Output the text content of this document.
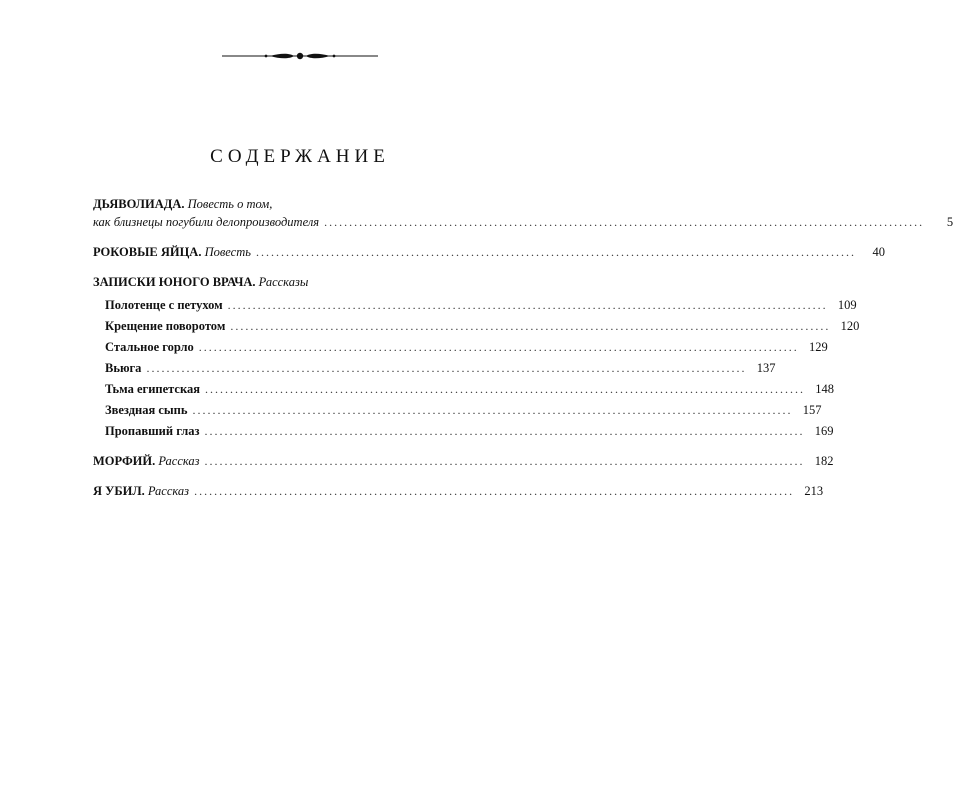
СОДЕРЖАНИЕ
ДЬЯВОЛИАДА.
Повесть о том,
как близнецы погубили делопроизводителя ........................................................................................................................	5
РОКОВЫЕ ЯЙЦА.
Повесть ........................................................................................................................	40
ЗАПИСКИ ЮНОГО ВРАЧА.
Рассказы
Полотенце с петухом ........................................................................................................................ 109
Крещение поворотом ........................................................................................................................ 120
Стальное горло ........................................................................................................................ 129
Вьюга ........................................................................................................................ 137
Тьма египетская ........................................................................................................................ 148
Звездная сыпь ........................................................................................................................ 157
Пропавший глаз ........................................................................................................................ 169
МОРФИЙ.
Рассказ ........................................................................................................................ 182
Я УБИЛ.
Рассказ ........................................................................................................................ 213
